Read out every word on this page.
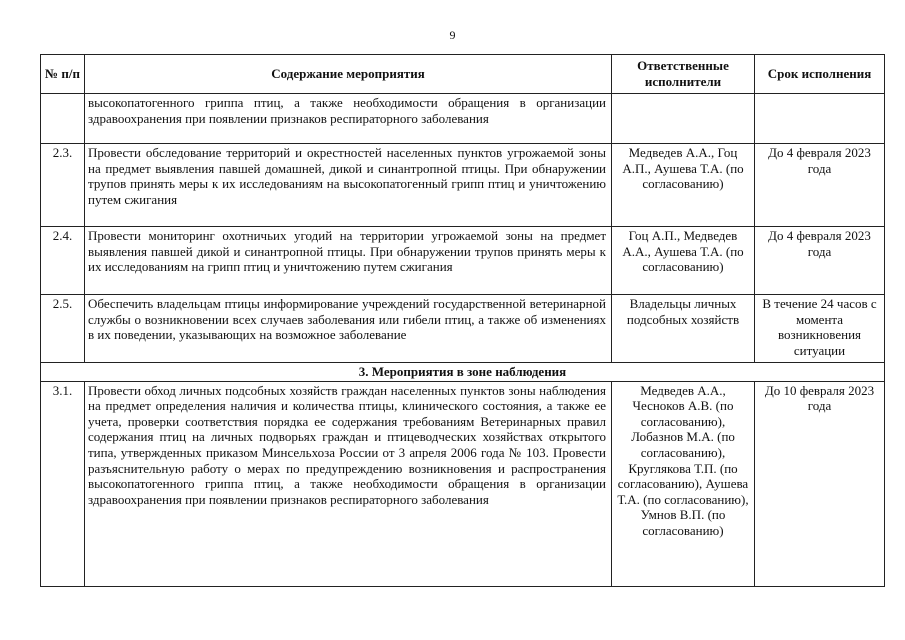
9
№ п/п	Содержание мероприятия	Ответственные исполнители	Срок исполнения
	высокопатогенного гриппа птиц, а также необходимости обращения в организации здравоохранения при появлении признаков респираторного заболевания		
2.3.	Провести обследование территорий и окрестностей населенных пунктов угрожаемой зоны на предмет выявления павшей домашней, дикой и синантропной птицы. При обнаружении трупов принять меры к их исследованиям на высокопатогенный грипп птиц и уничтожению путем сжигания	Медведев А.А., Гоц А.П., Аушева Т.А. (по согласованию)	До 4 февраля 2023 года
2.4.	Провести мониторинг охотничьих угодий на территории угрожаемой зоны на предмет выявления павшей дикой и синантропной птицы. При обнаружении трупов принять меры к их исследованиям на грипп птиц и уничтожению путем сжигания	Гоц А.П., Медведев А.А., Аушева Т.А. (по согласованию)	До 4 февраля 2023 года
2.5.	Обеспечить владельцам птицы информирование учреждений государственной ветеринарной службы о возникновении всех случаев заболевания или гибели птиц, а также об изменениях в их поведении, указывающих на возможное заболевание	Владельцы личных подсобных хозяйств	В течение 24 часов с момента возникновения ситуации
3. Мероприятия в зоне наблюдения			
3.1.	Провести обход личных подсобных хозяйств граждан населенных пунктов зоны наблюдения на предмет определения наличия и количества птицы, клинического состояния, а также ее учета, проверки соответствия порядка ее содержания требованиям Ветеринарных правил содержания птиц на личных подворьях граждан и птицеводческих хозяйствах открытого типа, утвержденных приказом Минсельхоза России от 3 апреля 2006 года № 103. Провести разъяснительную работу о мерах по предупреждению возникновения и распространения высокопатогенного гриппа птиц, а также необходимости обращения в организации здравоохранения при появлении признаков респираторного заболевания	Медведев А.А., Чесноков А.В. (по согласованию), Лобазнов М.А. (по согласованию), Круглякова Т.П. (по согласованию), Аушева Т.А. (по согласованию), Умнов В.П. (по согласованию)	До 10 февраля 2023 года
